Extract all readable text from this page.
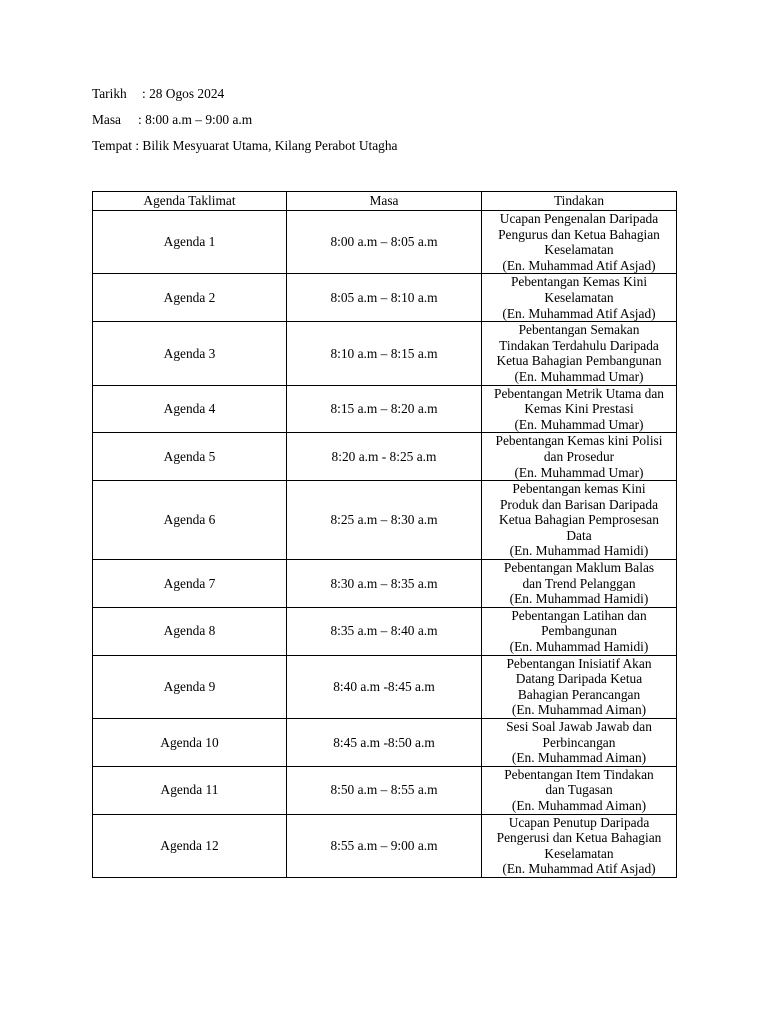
Tarikh : 28 Ogos 2024
Masa : 8:00 a.m – 9:00 a.m
Tempat : Bilik Mesyuarat Utama, Kilang Perabot Utagha
Agenda Taklimat	Masa	Tindakan
Agenda 1	8:00 a.m – 8:05 a.m	Ucapan Pengenalan Daripada
Pengurus dan Ketua Bahagian
Keselamatan
(En. Muhammad Atif Asjad)

Agenda 2	8:05 a.m – 8:10 a.m	Pebentangan Kemas Kini
Keselamatan
(En. Muhammad Atif Asjad)

Agenda 3	8:10 a.m – 8:15 a.m	Pebentangan Semakan
Tindakan Terdahulu Daripada
Ketua Bahagian Pembangunan
(En. Muhammad Umar)

Agenda 4	8:15 a.m – 8:20 a.m	Pebentangan Metrik Utama dan
Kemas Kini Prestasi
(En. Muhammad Umar)

Agenda 5	8:20 a.m - 8:25 a.m	Pebentangan Kemas kini Polisi
dan Prosedur
(En. Muhammad Umar)

Agenda 6	8:25 a.m – 8:30 a.m	Pebentangan kemas Kini
Produk dan Barisan Daripada
Ketua Bahagian Pemprosesan
Data
(En. Muhammad Hamidi)

Agenda 7	8:30 a.m – 8:35 a.m	Pebentangan Maklum Balas
dan Trend Pelanggan
(En. Muhammad Hamidi)

Agenda 8	8:35 a.m – 8:40 a.m	Pebentangan Latihan dan
Pembangunan
(En. Muhammad Hamidi)

Agenda 9	8:40 a.m -8:45 a.m	Pebentangan Inisiatif Akan
Datang Daripada Ketua
Bahagian Perancangan
(En. Muhammad Aiman)

Agenda 10	8:45 a.m -8:50 a.m	Sesi Soal Jawab Jawab dan
Perbincangan
(En. Muhammad Aiman)

Agenda 11	8:50 a.m – 8:55 a.m	Pebentangan Item Tindakan
dan Tugasan
(En. Muhammad Aiman)

Agenda 12	8:55 a.m – 9:00 a.m	Ucapan Penutup Daripada
Pengerusi dan Ketua Bahagian
Keselamatan
(En. Muhammad Atif Asjad)
